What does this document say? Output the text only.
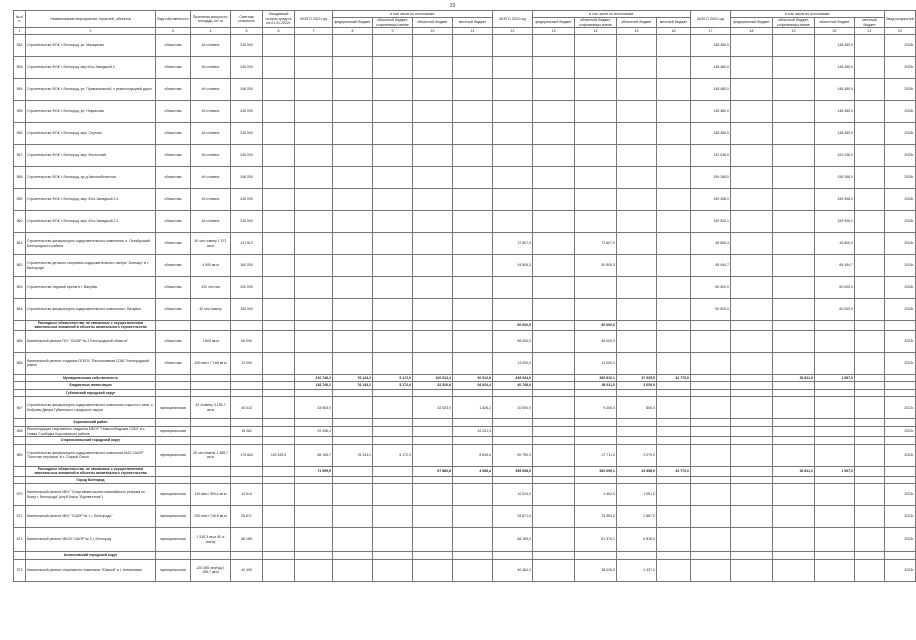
29
№ п/п	Наименование мероприятия, отраслей, объектов	Вид собственности	Проектная мощность, площадь, шт. ш	Сметная стоимость	Ожидаемый остаток средств на 01.01.2022г.	ВСЕГО 2022 год	в том числе по источникам:				ВСЕГО 2023 год	в том числе по источникам:				ВСЕГО 2024 год	в том числе по источникам:				Ввод мощностей
							федеральный бюджет	областной бюджет, софинансиро-вание	областной бюджет	местный бюджет		федеральный бюджет	областной бюджет, софинансиро-вание	областной бюджет	местный бюджет		федеральный бюджет	областной бюджет, софинансиро-вание	областной бюджет	местный бюджет	
1	2	3	4	5	6	7	8	9	10	11	12	13	14	15	16	17	18	19	20	21	22
552	Строительство ФОК г. Белгород, ул. Макаренко	областная	64 ч/смена	246 000												148 480,0			148 480,0		2025г.
553	Строительство ФОК г. Белгород, мкр Юго-Западный 3	областная	64 ч/смена	246 000												148 480,0			148 480,0		2025г.
554	Строительство ФОК г. Белгород, ул. Привокзальной, с реконструкцией дорог	областная	64 ч/смена	246 000												148 480,0			148 480,0		2025г.
555	Строительство ФОК г. Белгород, ул. Некрасова	областная	64 ч/смена	246 000												148 480,0			148 480,0		2025г.
556	Строительство ФОК г. Белгород, мкр. Спутник	областная	64 ч/смена	246 000												148 480,0			148 480,0		2025г.
557	Строительство ФОК г. Белгород, мкр. Восточный	областная	64 ч/смена	246 000												192 036,0			192 036,0		2025г.
558	Строительство ФОК г. Белгород, пр-д Автомобилистов	областная	64 ч/смена	246 000												159 268,0			159 268,0		2025г.
559	Строительство ФОК г. Белгород, мкр. Юго-Западный 2.2	областная	64 ч/смена	246 000												159 268,0			159 268,0		2025г.
560	Строительство ФОК г. Белгород, мкр. Юго-Западный 2.1	областная	64 ч/смена	246 000												159 926,1			159 926,1		2025г.
561	Строительство физкультурно-оздоровительного комплекса, п. Октябрьский Белгородского района	областная	40 чел./смену 1 371 кв.м	121 513							72 807,9		72 807,9			48 605,3			48 605,3		2024г.
562	Строительство детского спортивно-оздоровительного лагеря "Альтаир" в г. Белгороде	областная	4 500 кв.м	160 000							94 505,3		30 505,3			65 494,7			65 494,7		2024г.
563	Строительство ледовой арены в г. Валуйки	областная	120 чел./см	200 000												60 000,0			60 000,0		2025г.
564	Строительство физкультурно-оздоровительного комплекса г. Валуйки	областная	40 чел./смену	150 000												60 000,0			60 000,0		2025г.
	Расходные обязательства, не связанные с осуществлением капитальных вложений в объекты капитального строительства										60 000,0		60 000,0								
565	Капитальный ремонт ГБУ "СШОР № 2 Белгородской области"	областная	1 800 кв.м	56 000							56 000,0		56 000,0								2023г.
566	Капитальный ремонт стадиона ОГБОУ "Бессоновская СОШ" Белгородский район	областная	400 мест 7 168 кв.м	12 000							13 000,0		13 000,0								2022г.
	Муниципальная собственность					210 748,2	76 143,2	5 172,0	100 513,4	30 912,8	426 944,0		389 810,1	37 935,9	32 770,0			30 811,0	1 957,0		
	Бюджетные инвестиции					138 748,2	76 143,2	5 172,0	32 520,6	26 924,4	40 748,0		36 911,0	3 039,0							
	Губкинский городской округ																				
567	Строительство физкультурно-оздоровительного комплекса открытого типа, с. Бобровы Дворы Губкинского городского округа	муниципальная	24 ч/смену 4 155,7 кв.м	45 013		33 963,0			32 523,0	1 828,2	10 000,0		9 200,0	800,0							2022г.
	Корочанский район																				
568	Реконструкция спортивного стадиона МБОУ "Новослободская СОШ" в с. Новая Слободка Корочанского района	муниципальная		15 262		29 396,4				15 231,3											2022г.
	Старооскольский городской округ																				
569	Строительство физкультурно-оздоровительного комплекса МАУ СШОР "Золотые перчатки" в г. Старый Оскол	муниципальная	25 чел./смену 1 485,7 кв.м	175 663	118 325,5	88 155,7	76 143,2	5 172,0		8 645,6	50 790,0		27 711,0	3 079,0							2023г.
	Расходные обязательства, не связанные с осуществлением капитальных вложений в объекты капитального строительства					71 999,9			67 880,6	4 068,4	396 058,0		362 099,1	33 958,9	32 770,0			30 811,0	1 957,0		
	Город Белгород																				
570	Капитальный ремонт МБУ "Спортивная школа олимпийского резерва по боксу г. Белгорода" (клуб бокса "Буревестник")	муниципальная	110 мест 300,4 кв.м	10 514							10 514,0		9 462,0	1 051,0							2023г.
571	Капитальный ремонт МБУ "СШОР № 1 г. Белгорода"	муниципальная	250 мест 740,5 кв.м	28 871							28 871,0		25 984,0	2 887,0							2023г.
572	Капитальный ремонт МБОУ СШОР № 3 г. Белгород	муниципальная	1 515,3 кв.м 40 ч/смену	68 189							68 189,0		61 370,1	6 818,9							2023г.
	Алексеевский городской округ																				
573	Капитальный ремонт спортивного комплекса "Южный" в г. Алексеевка	муниципальная	120 365 чел/год 1 155,7 кв.м	40 490							40 464,0		38 026,0	2 437,0							2023г.
